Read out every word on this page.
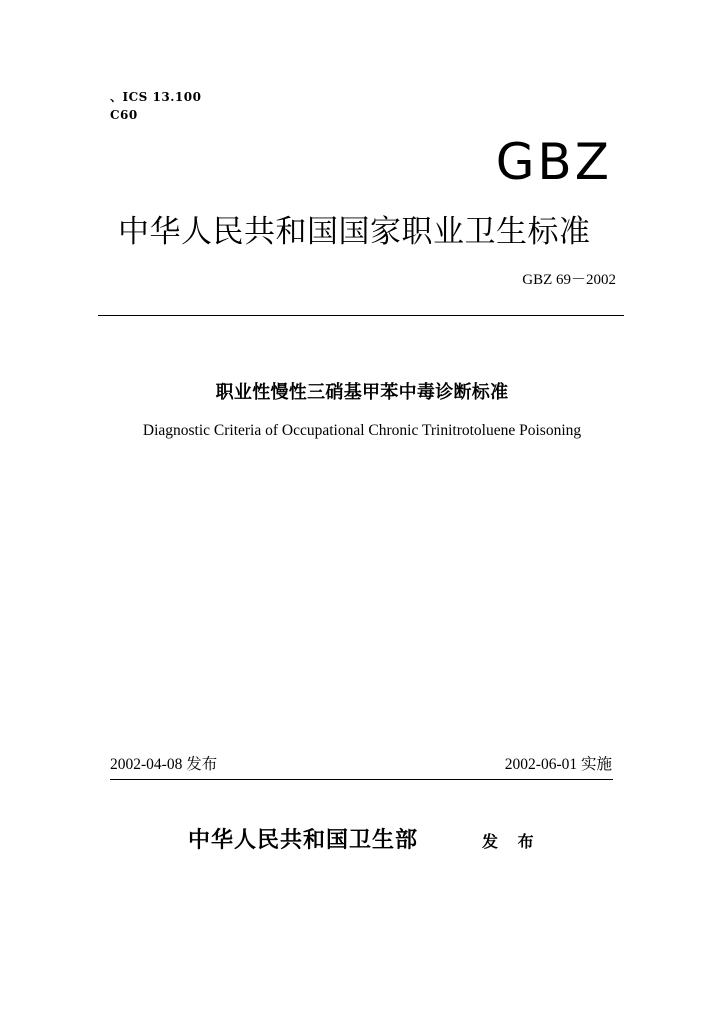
、ICS 13.100
C60
GBZ
中华人民共和国国家职业卫生标准
GBZ 69－2002
职业性慢性三硝基甲苯中毒诊断标准
Diagnostic Criteria of Occupational Chronic Trinitrotoluene Poisoning
2002-04-08 发布	2002-06-01 实施
中华人民共和国卫生部	发 布
